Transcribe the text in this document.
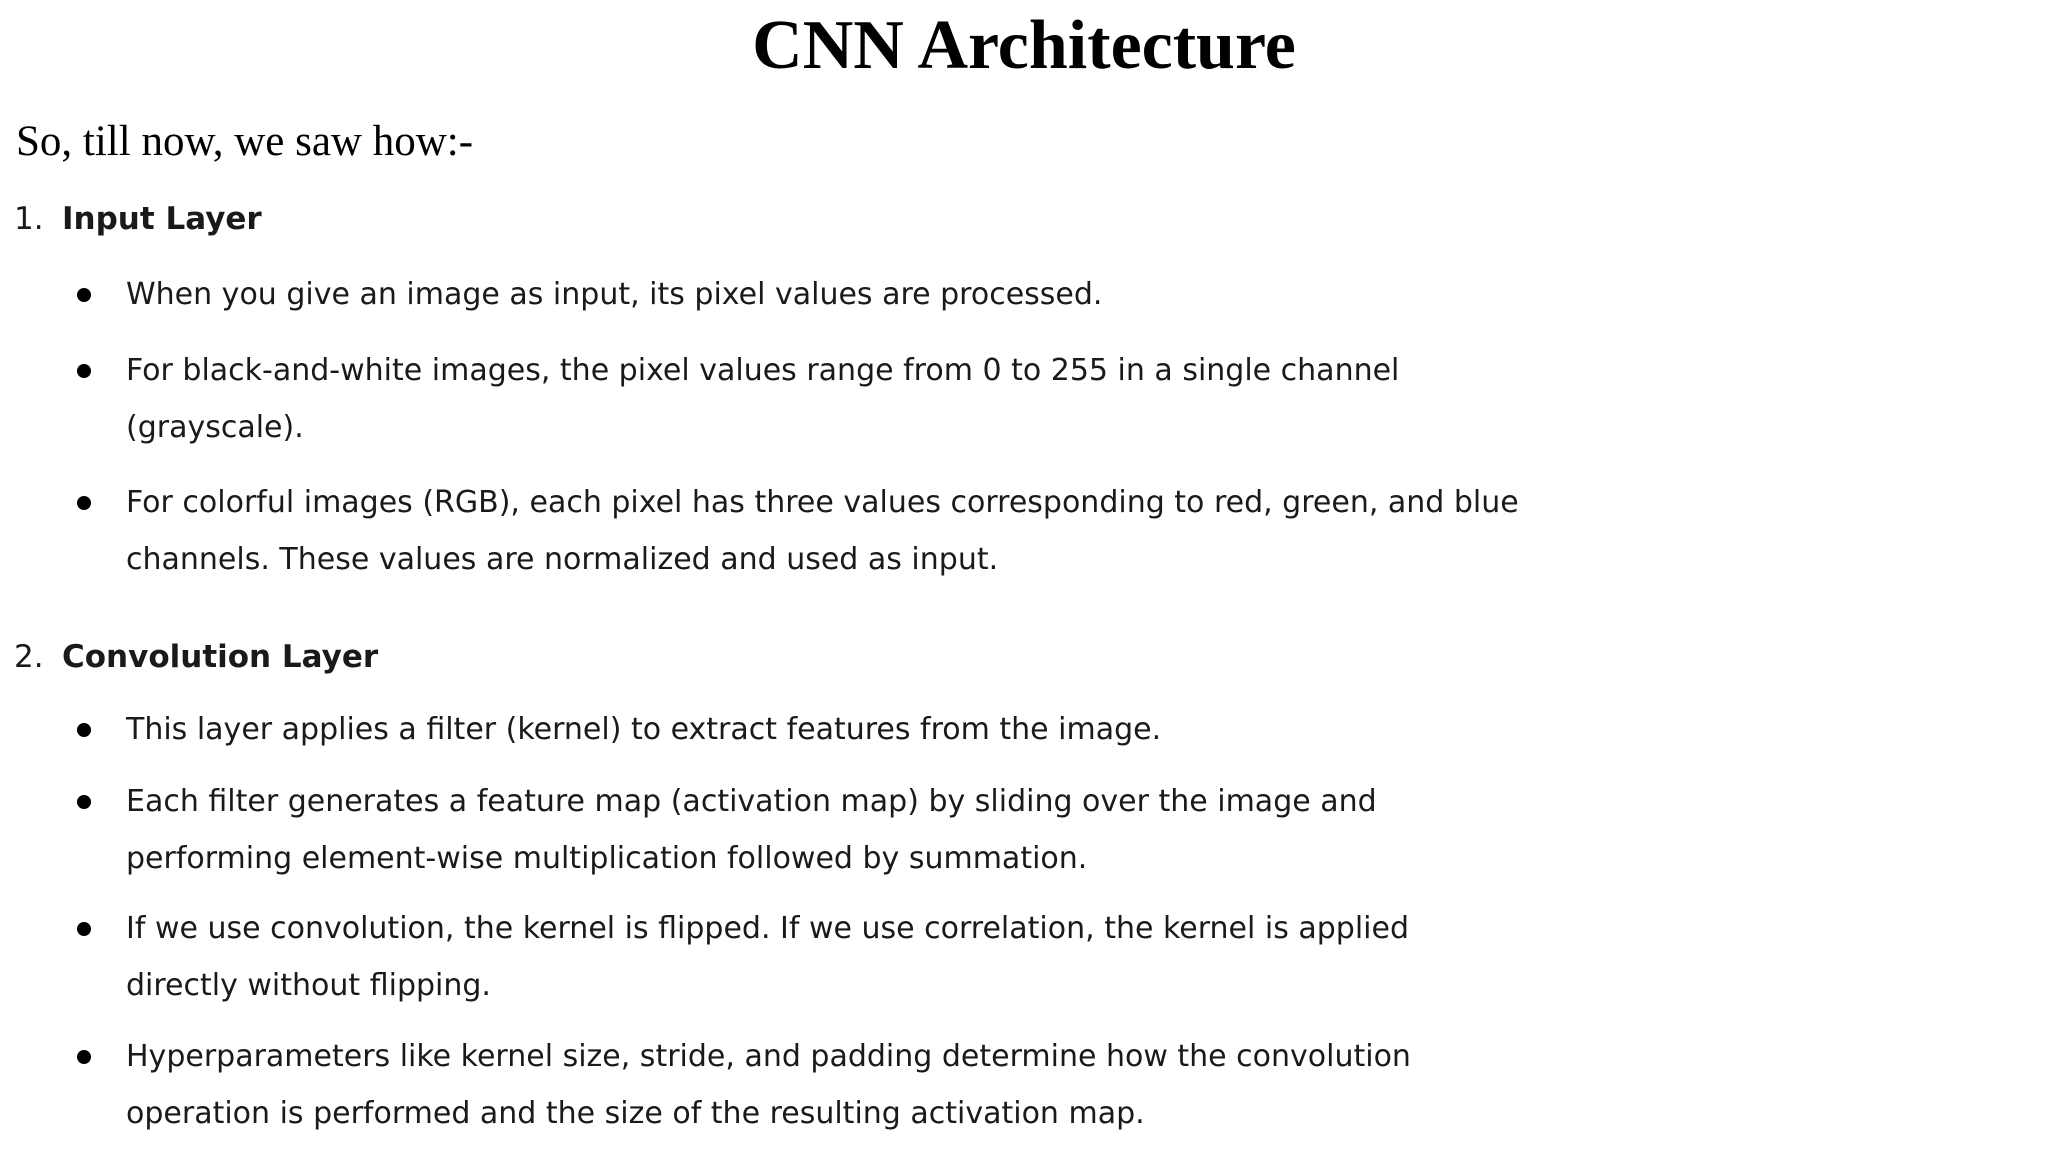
CNN Architecture

So, till now, we saw how:-

1. Input Layer
When you give an image as input, its pixel values are processed.
For black-and-white images, the pixel values range from 0 to 255 in a single channel
(grayscale).
For colorful images (RGB), each pixel has three values corresponding to red, green, and blue
channels. These values are normalized and used as input.
2. Convolution Layer
This layer applies a filter (kernel) to extract features from the image.
Each filter generates a feature map (activation map) by sliding over the image and
performing element-wise multiplication followed by summation.
If we use convolution, the kernel is flipped. If we use correlation, the kernel is applied
directly without flipping.
Hyperparameters like kernel size, stride, and padding determine how the convolution
operation is performed and the size of the resulting activation map.
